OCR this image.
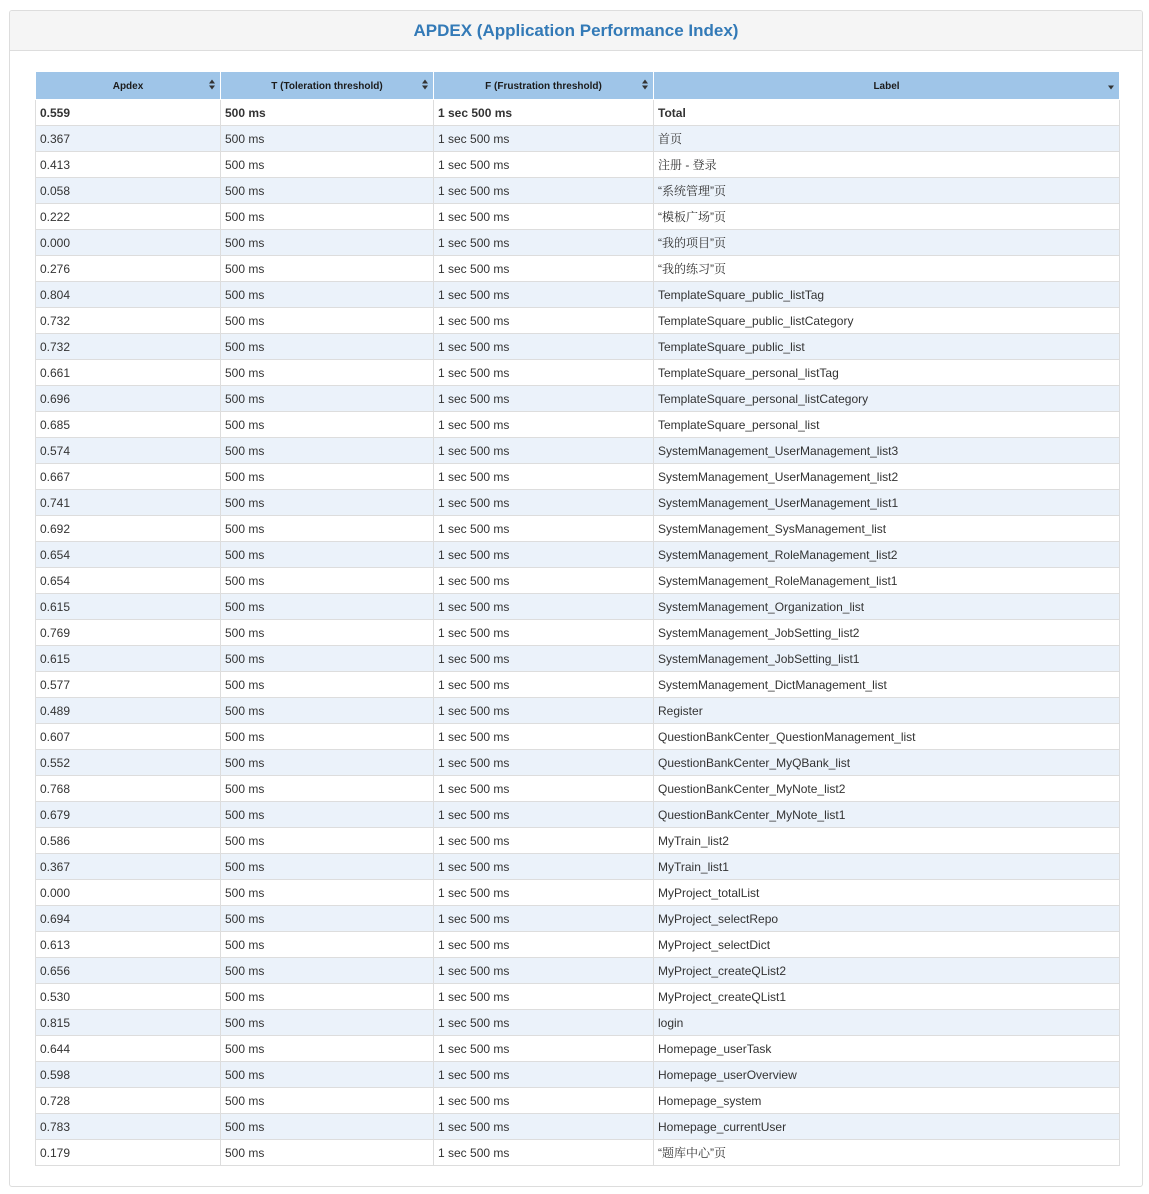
APDEX (Application Performance Index)
Apdex	T (Toleration threshold)	F (Frustration threshold)	Label

0.559	500 ms	1 sec 500 ms	Total
0.367	500 ms	1 sec 500 ms	首页
0.413	500 ms	1 sec 500 ms	注册 - 登录
0.058	500 ms	1 sec 500 ms	“系统管理”页
0.222	500 ms	1 sec 500 ms	“模板广场”页
0.000	500 ms	1 sec 500 ms	“我的项目”页
0.276	500 ms	1 sec 500 ms	“我的练习”页
0.804	500 ms	1 sec 500 ms	TemplateSquare_public_listTag
0.732	500 ms	1 sec 500 ms	TemplateSquare_public_listCategory
0.732	500 ms	1 sec 500 ms	TemplateSquare_public_list
0.661	500 ms	1 sec 500 ms	TemplateSquare_personal_listTag
0.696	500 ms	1 sec 500 ms	TemplateSquare_personal_listCategory
0.685	500 ms	1 sec 500 ms	TemplateSquare_personal_list
0.574	500 ms	1 sec 500 ms	SystemManagement_UserManagement_list3
0.667	500 ms	1 sec 500 ms	SystemManagement_UserManagement_list2
0.741	500 ms	1 sec 500 ms	SystemManagement_UserManagement_list1
0.692	500 ms	1 sec 500 ms	SystemManagement_SysManagement_list
0.654	500 ms	1 sec 500 ms	SystemManagement_RoleManagement_list2
0.654	500 ms	1 sec 500 ms	SystemManagement_RoleManagement_list1
0.615	500 ms	1 sec 500 ms	SystemManagement_Organization_list
0.769	500 ms	1 sec 500 ms	SystemManagement_JobSetting_list2
0.615	500 ms	1 sec 500 ms	SystemManagement_JobSetting_list1
0.577	500 ms	1 sec 500 ms	SystemManagement_DictManagement_list
0.489	500 ms	1 sec 500 ms	Register
0.607	500 ms	1 sec 500 ms	QuestionBankCenter_QuestionManagement_list
0.552	500 ms	1 sec 500 ms	QuestionBankCenter_MyQBank_list
0.768	500 ms	1 sec 500 ms	QuestionBankCenter_MyNote_list2
0.679	500 ms	1 sec 500 ms	QuestionBankCenter_MyNote_list1
0.586	500 ms	1 sec 500 ms	MyTrain_list2
0.367	500 ms	1 sec 500 ms	MyTrain_list1
0.000	500 ms	1 sec 500 ms	MyProject_totalList
0.694	500 ms	1 sec 500 ms	MyProject_selectRepo
0.613	500 ms	1 sec 500 ms	MyProject_selectDict
0.656	500 ms	1 sec 500 ms	MyProject_createQList2
0.530	500 ms	1 sec 500 ms	MyProject_createQList1
0.815	500 ms	1 sec 500 ms	login
0.644	500 ms	1 sec 500 ms	Homepage_userTask
0.598	500 ms	1 sec 500 ms	Homepage_userOverview
0.728	500 ms	1 sec 500 ms	Homepage_system
0.783	500 ms	1 sec 500 ms	Homepage_currentUser
0.179	500 ms	1 sec 500 ms	“题库中心”页
